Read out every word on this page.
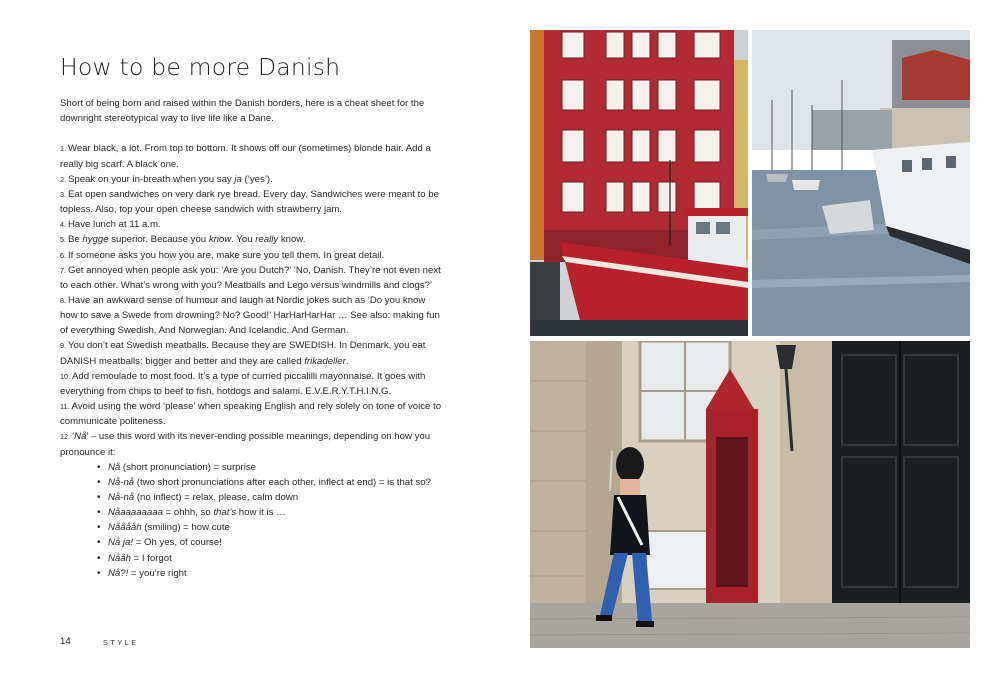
How to be more Danish

Short of being born and raised within the Danish borders, here is a cheat sheet for the downright stereotypical way to live life like a Dane.

1. Wear black, a lot. From top to bottom. It shows off our (sometimes) blonde hair. Add a really big scarf. A black one.
2. Speak on your in-breath when you say ja (‘yes’).
3. Eat open sandwiches on very dark rye bread. Every day. Sandwiches were meant to be topless. Also, top your open cheese sandwich with strawberry jam.
4. Have lunch at 11 a.m.
5. Be hygge superior. Because you know. You really know.
6. If someone asks you how you are, make sure you tell them. In great detail.
7. Get annoyed when people ask you: ‘Are you Dutch?’ ‘No, Danish. They’re not even next to each other. What’s wrong with you? Meatballs and Lego versus windmills and clogs?’
8. Have an awkward sense of humour and laugh at Nordic jokes such as ‘Do you know how to save a Swede from drowning? No? Good!’ HarHarHarHar … See also: making fun of everything Swedish. And Norwegian. And Icelandic. And German.
9. You don’t eat Swedish meatballs. Because they are SWEDISH. In Denmark, you eat DANISH meatballs: bigger and better and they are called frikadeller.
10. Add remoulade to most food. It’s a type of curried piccalilli mayonnaise. It goes with everything from chips to beef to fish, hotdogs and salami. E.V.E.R.Y.T.H.I.N.G.
11. Avoid using the word ‘please’ when speaking English and rely solely on tone of voice to communicate politeness.
12. ‘Nå’ – use this word with its never-ending possible meanings, depending on how you pronounce it:
• Nå (short pronunciation) = surprise
• Nå-nå (two short pronunciations after each other, inflect at end) = is that so?
• Nå-nå (no inflect) = relax, please, calm down
• Nåaaaaaaaa = ohhh, so that’s how it is …
• Nååååh (smiling) = how cute
• Nå ja! = Oh yes, of course!
• Nååh = I forgot
• Nå?! = you’re right
14	STYLE
